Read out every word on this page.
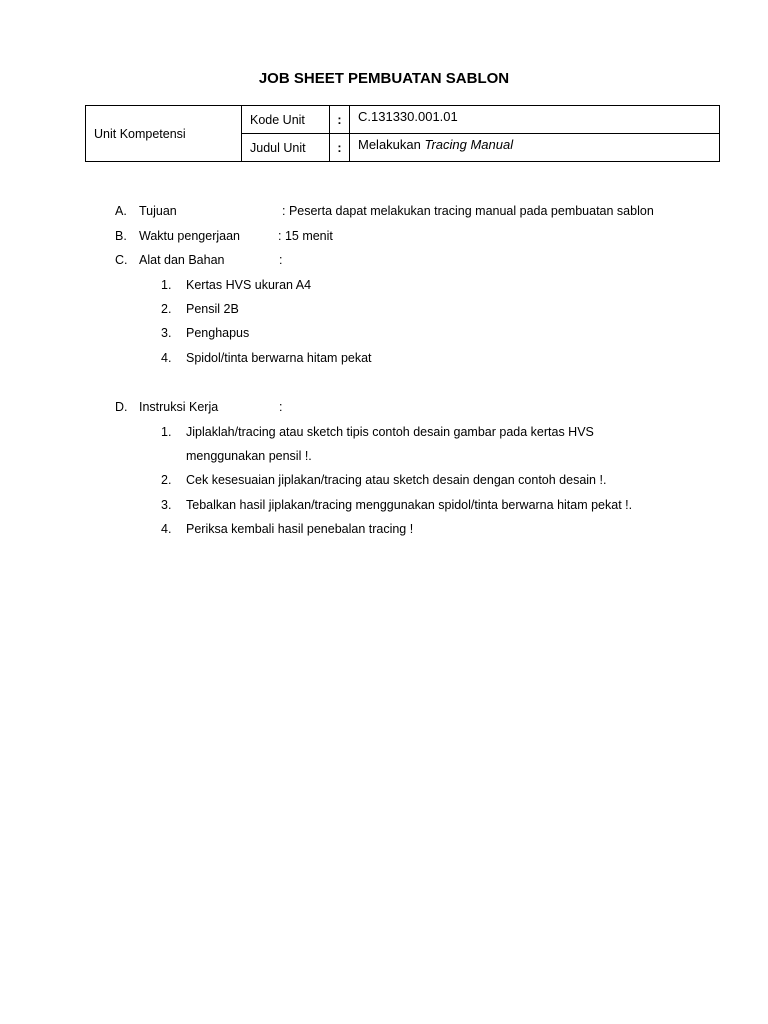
JOB SHEET PEMBUATAN SABLON
Unit Kompetensi	Kode Unit	:	C.131330.001.01
	Judul Unit	:	Melakukan Tracing Manual
A. Tujuan	: Peserta dapat melakukan tracing manual pada pembuatan sablon
B. Waktu pengerjaan	: 15 menit
C. Alat dan Bahan	:
1. Kertas HVS ukuran A4
2. Pensil 2B
3. Penghapus
4. Spidol/tinta berwarna hitam pekat
D. Instruksi Kerja	:
1. Jiplaklah/tracing atau sketch tipis contoh desain gambar pada kertas HVS
menggunakan pensil !.
2. Cek kesesuaian jiplakan/tracing atau sketch desain dengan contoh desain !.
3. Tebalkan hasil jiplakan/tracing menggunakan spidol/tinta berwarna hitam pekat !.
4. Periksa kembali hasil penebalan tracing !
